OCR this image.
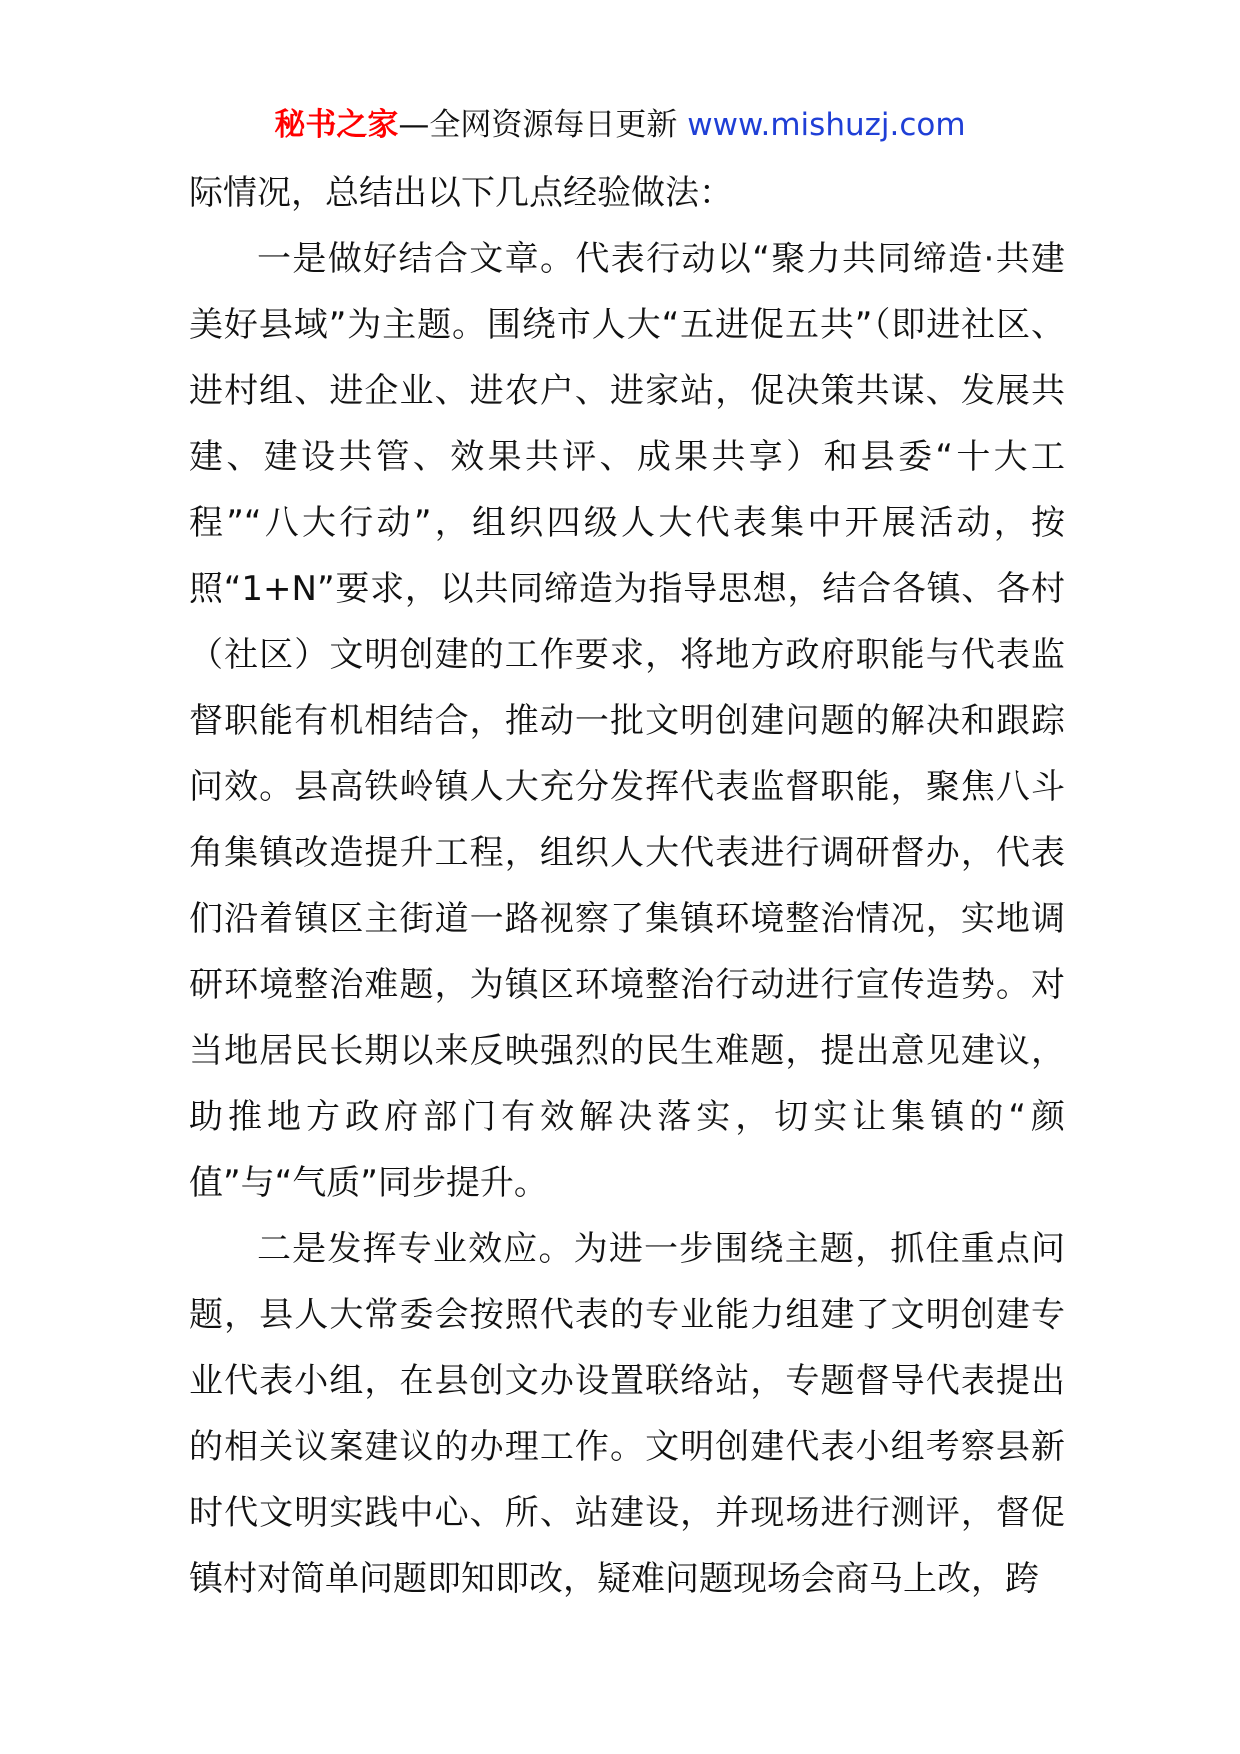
秘书之家—全网资源每日更新 www.mishuzj.com

际情况，总结出以下几点经验做法：

一是做好结合文章。代表行动以“聚力共同缔造·共建美好县域”为主题。围绕市人大“五进促五共”（即进社区、进村组、进企业、进农户、进家站，促决策共谋、发展共建、建设共管、效果共评、成果共享）和县委“十大工程”“八大行动”，组织四级人大代表集中开展活动，按照“1+N”要求，以共同缔造为指导思想，结合各镇、各村（社区）文明创建的工作要求，将地方政府职能与代表监督职能有机相结合，推动一批文明创建问题的解决和跟踪问效。县高铁岭镇人大充分发挥代表监督职能，聚焦八斗角集镇改造提升工程，组织人大代表进行调研督办，代表们沿着镇区主街道一路视察了集镇环境整治情况，实地调研环境整治难题，为镇区环境整治行动进行宣传造势。对当地居民长期以来反映强烈的民生难题，提出意见建议，助推地方政府部门有效解决落实，切实让集镇的“颜值”与“气质”同步提升。

二是发挥专业效应。为进一步围绕主题，抓住重点问题，县人大常委会按照代表的专业能力组建了文明创建专业代表小组，在县创文办设置联络站，专题督导代表提出的相关议案建议的办理工作。文明创建代表小组考察县新时代文明实践中心、所、站建设，并现场进行测评，督促镇村对简单问题即知即改，疑难问题现场会商马上改，跨
